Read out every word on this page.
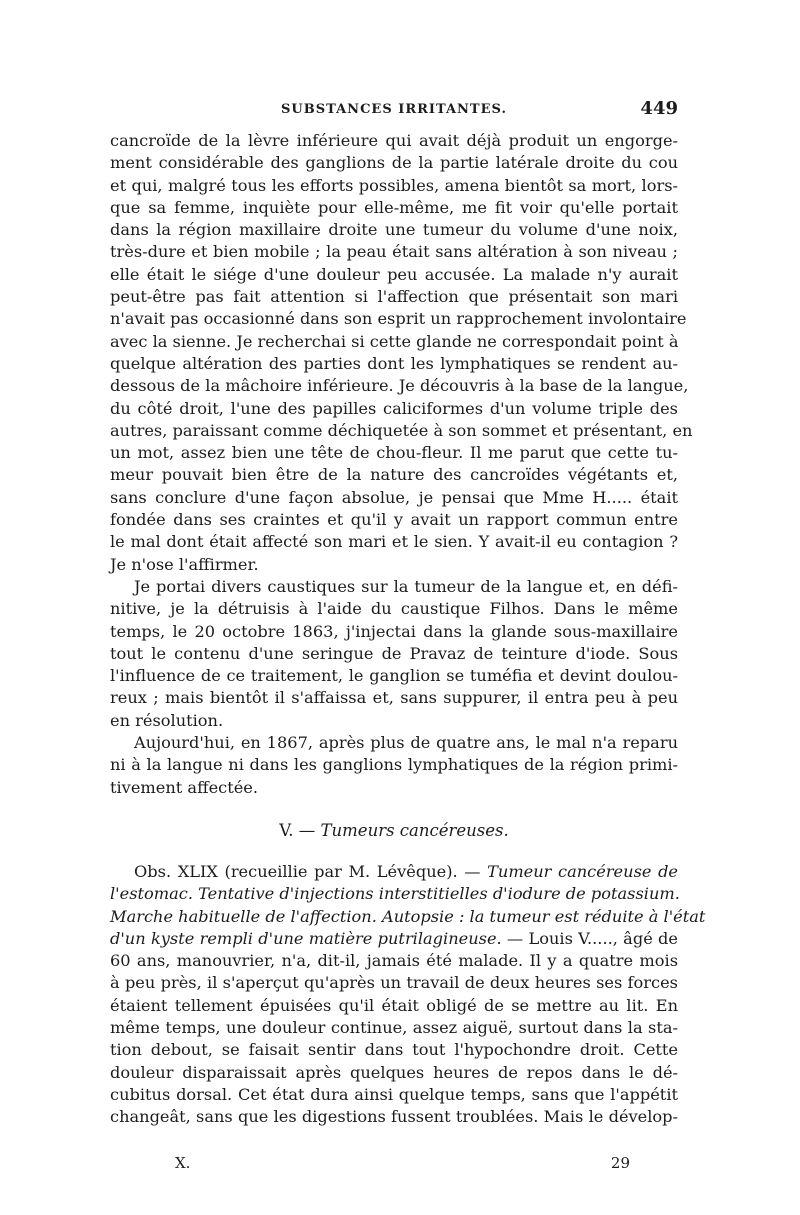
SUBSTANCES IRRITANTES.	449
cancroïde de la lèvre inférieure qui avait déjà produit un engorge-
ment considérable des ganglions de la partie latérale droite du cou
et qui, malgré tous les efforts possibles, amena bientôt sa mort, lors-
que sa femme, inquiète pour elle-même, me fit voir qu'elle portait
dans la région maxillaire droite une tumeur du volume d'une noix,
très-dure et bien mobile ; la peau était sans altération à son niveau ;
elle était le siége d'une douleur peu accusée. La malade n'y aurait
peut-être pas fait attention si l'affection que présentait son mari
n'avait pas occasionné dans son esprit un rapprochement involontaire
avec la sienne. Je recherchai si cette glande ne correspondait point à
quelque altération des parties dont les lymphatiques se rendent au-
dessous de la mâchoire inférieure. Je découvris à la base de la langue,
du côté droit, l'une des papilles caliciformes d'un volume triple des
autres, paraissant comme déchiquetée à son sommet et présentant, en
un mot, assez bien une tête de chou-fleur. Il me parut que cette tu-
meur pouvait bien être de la nature des cancroïdes végétants et,
sans conclure d'une façon absolue, je pensai que Mme H..... était
fondée dans ses craintes et qu'il y avait un rapport commun entre
le mal dont était affecté son mari et le sien. Y avait-il eu contagion ?
Je n'ose l'affirmer.
Je portai divers caustiques sur la tumeur de la langue et, en défi-
nitive, je la détruisis à l'aide du caustique Filhos. Dans le même
temps, le 20 octobre 1863, j'injectai dans la glande sous-maxillaire
tout le contenu d'une seringue de Pravaz de teinture d'iode. Sous
l'influence de ce traitement, le ganglion se tuméfia et devint doulou-
reux ; mais bientôt il s'affaissa et, sans suppurer, il entra peu à peu
en résolution.
Aujourd'hui, en 1867, après plus de quatre ans, le mal n'a reparu
ni à la langue ni dans les ganglions lymphatiques de la région primi-
tivement affectée.
V. — Tumeurs cancéreuses.
Obs. XLIX (recueillie par M. Lévêque). — Tumeur cancéreuse de
l'estomac. Tentative d'injections interstitielles d'iodure de potassium.
Marche habituelle de l'affection. Autopsie : la tumeur est réduite à l'état
d'un kyste rempli d'une matière putrilagineuse. — Louis V....., âgé de
60 ans, manouvrier, n'a, dit-il, jamais été malade. Il y a quatre mois
à peu près, il s'aperçut qu'après un travail de deux heures ses forces
étaient tellement épuisées qu'il était obligé de se mettre au lit. En
même temps, une douleur continue, assez aiguë, surtout dans la sta-
tion debout, se faisait sentir dans tout l'hypochondre droit. Cette
douleur disparaissait après quelques heures de repos dans le dé-
cubitus dorsal. Cet état dura ainsi quelque temps, sans que l'appétit
changeât, sans que les digestions fussent troublées. Mais le dévelop-
X.	29
